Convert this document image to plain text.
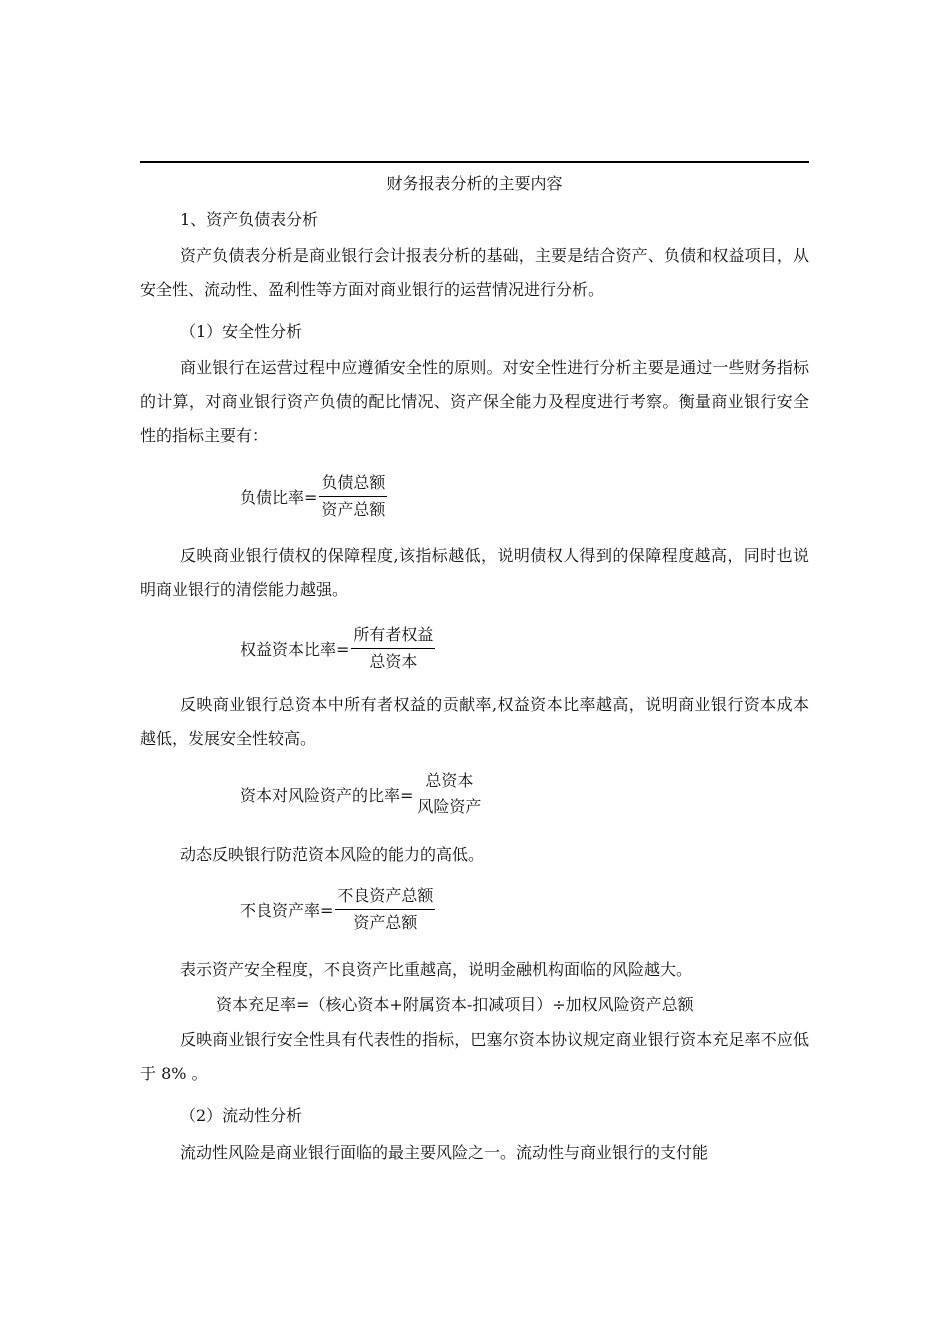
财务报表分析的主要内容
1、资产负债表分析
资产负债表分析是商业银行会计报表分析的基础，主要是结合资产、负债和权益项目，从安全性、流动性、盈利性等方面对商业银行的运营情况进行分析。
（1）安全性分析
商业银行在运营过程中应遵循安全性的原则。对安全性进行分析主要是通过一些财务指标的计算，对商业银行资产负债的配比情况、资产保全能力及程度进行考察。衡量商业银行安全性的指标主要有：
负债比率= $\frac{\text{负债总额}}{\text{资产总额}}$
反映商业银行债权的保障程度,该指标越低，说明债权人得到的保障程度越高，同时也说明商业银行的清偿能力越强。
权益资本比率= $\frac{\text{所有者权益}}{\text{总资本}}$
反映商业银行总资本中所有者权益的贡献率,权益资本比率越高，说明商业银行资本成本越低，发展安全性较高。
资本对风险资产的比率=
总资本
风险资产
动态反映银行防范资本风险的能力的高低。
不良资产率= $\frac{\text{不良资产总额}}{\text{资产总额}}$
表示资产安全程度，不良资产比重越高，说明金融机构面临的风险越大。
资本充足率=（核心资本+附属资本-扣减项目）÷加权风险资产总额
反映商业银行安全性具有代表性的指标，巴塞尔资本协议规定商业银行资本充足率不应低于 8% 。
（2）流动性分析
流动性风险是商业银行面临的最主要风险之一。流动性与商业银行的支付能
